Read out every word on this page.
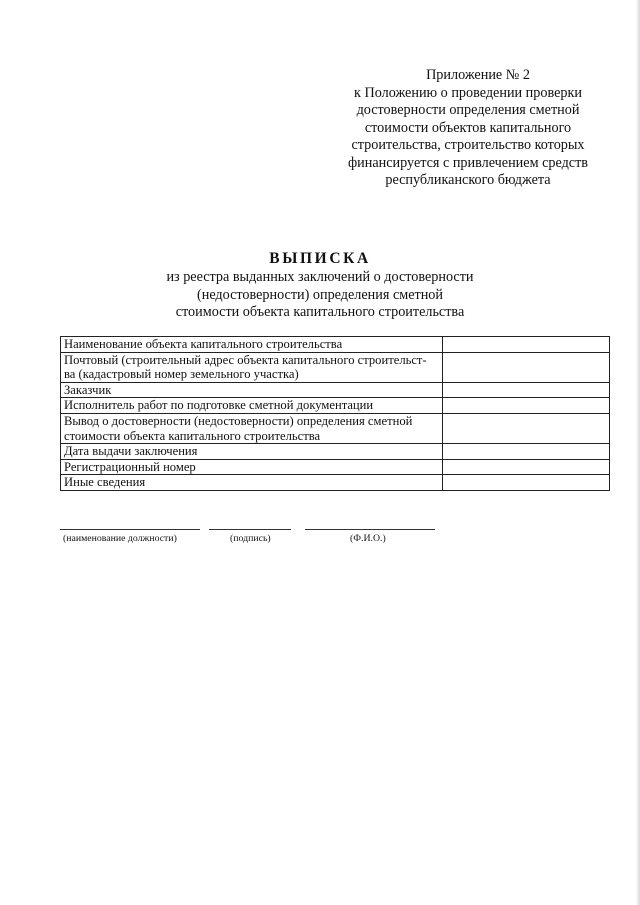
Приложение № 2
к Положению о проведении проверки
достоверности определения сметной
стоимости объектов капитального
строительства, строительство которых
финансируется с привлечением средств
республиканского бюджета
ВЫПИСКА
из реестра выданных заключений о достоверности
(недостоверности) определения сметной
стоимости объекта капитального строительства
Наименование объекта капитального строительства	

Почтовый (строительный адрес объекта капитального строительст-
ва (кадастровый номер земельного участка)	

Заказчик	
Исполнитель работ по подготовке сметной документации	

Вывод о достоверности (недостоверности) определения сметной
стоимости объекта капитального строительства	

Дата выдачи заключения	
Регистрационный номер	
Иные сведения	
(наименование должности)	(подпись)	(Ф.И.О.)
